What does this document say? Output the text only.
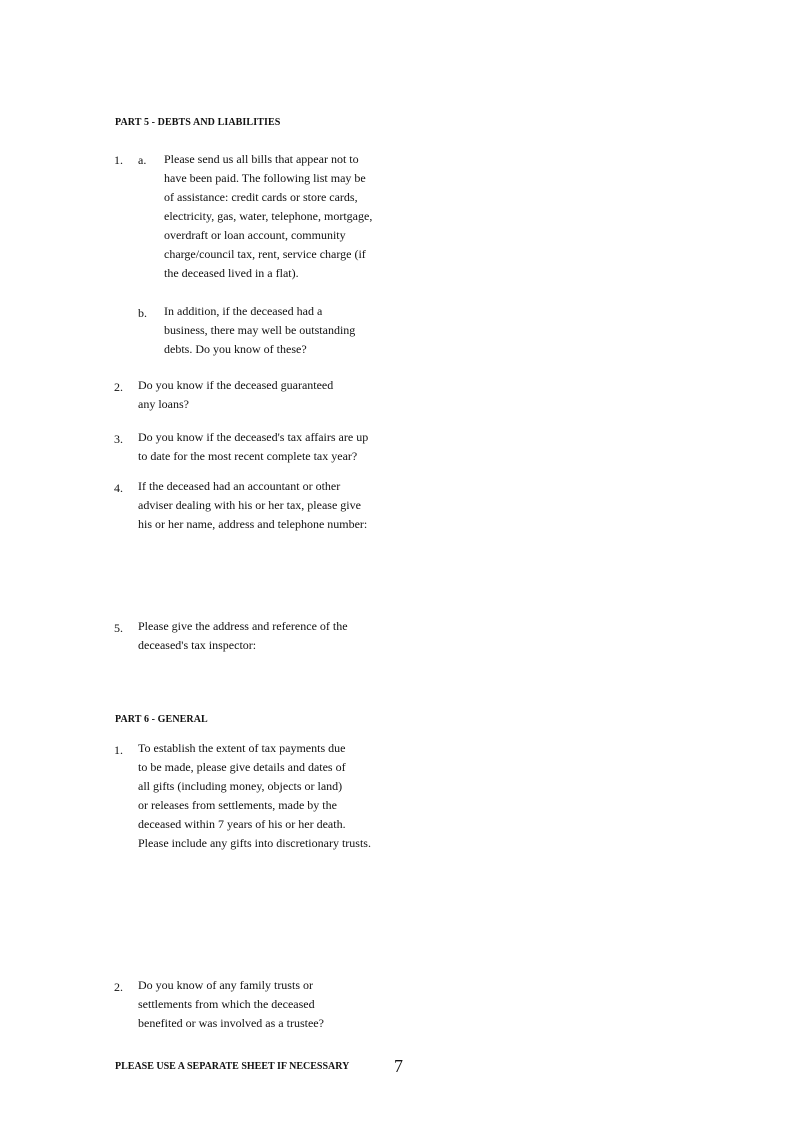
PART 5 - DEBTS AND LIABILITIES
1. a. Please send us all bills that appear not to
have been paid. The following list may be
of assistance: credit cards or store cards,
electricity, gas, water, telephone, mortgage,
overdraft or loan account, community
charge/council tax, rent, service charge (if
the deceased lived in a flat).
b. In addition, if the deceased had a
business, there may well be outstanding
debts. Do you know of these?
2. Do you know if the deceased guaranteed
any loans?
3. Do you know if the deceased's tax affairs are up
to date for the most recent complete tax year?
4. If the deceased had an accountant or other
adviser dealing with his or her tax, please give
his or her name, address and telephone number:
5. Please give the address and reference of the
deceased's tax inspector:
PART 6 - GENERAL
1. To establish the extent of tax payments due
to be made, please give details and dates of
all gifts (including money, objects or land)
or releases from settlements, made by the
deceased within 7 years of his or her death.
Please include any gifts into discretionary trusts.
2. Do you know of any family trusts or
settlements from which the deceased
benefited or was involved as a trustee?
PLEASE USE A SEPARATE SHEET IF NECESSARY 7
